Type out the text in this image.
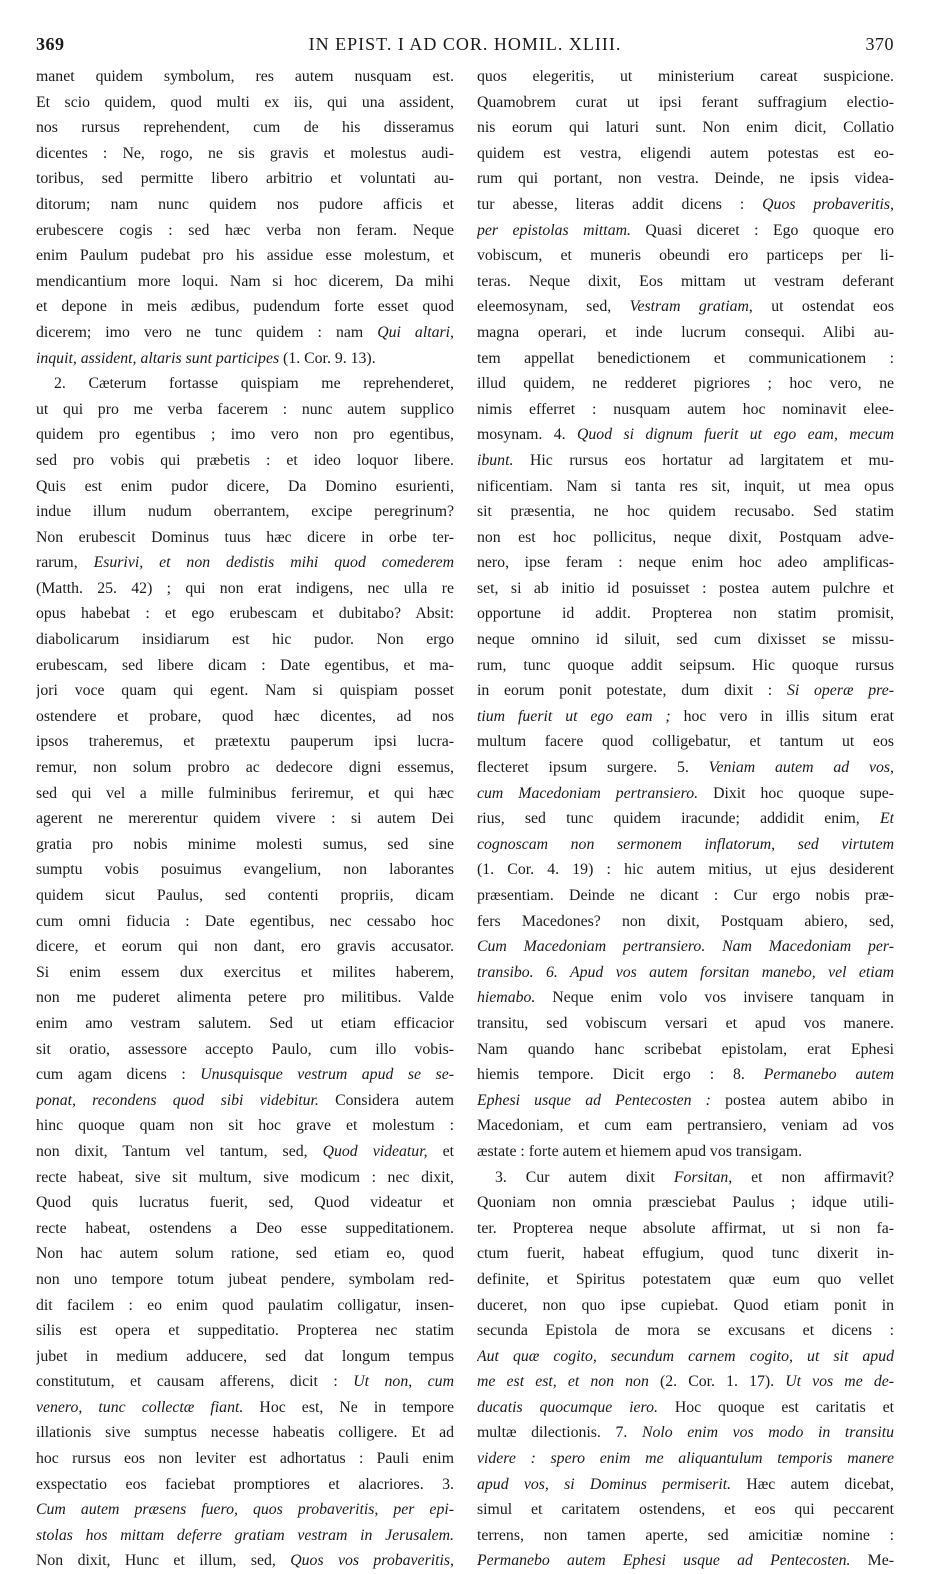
369	IN EPIST. I AD COR. HOMIL. XLIII.	370
manet quidem symbolum, res autem nusquam est.
Et scio quidem, quod multi ex iis, qui una assident,
nos rursus reprehendent, cum de his disseramus
dicentes : Ne, rogo, ne sis gravis et molestus audi-
toribus, sed permitte libero arbitrio et voluntati au-
ditorum; nam nunc quidem nos pudore afficis et
erubescere cogis : sed hæc verba non feram. Neque
enim Paulum pudebat pro his assidue esse molestum, et
mendicantium more loqui. Nam si hoc dicerem, Da mihi
et depone in meis ædibus, pudendum forte esset quod
dicerem; imo vero ne tunc quidem : nam Qui altari,
inquit, assident, altaris sunt participes (1. Cor. 9. 13).
2. Cæterum fortasse quispiam me reprehenderet,
ut qui pro me verba facerem : nunc autem supplico
quidem pro egentibus ; imo vero non pro egentibus,
sed pro vobis qui præbetis : et ideo loquor libere.
Quis est enim pudor dicere, Da Domino esurienti,
indue illum nudum oberrantem, excipe peregrinum?
Non erubescit Dominus tuus hæc dicere in orbe ter-
rarum, Esurivi, et non dedistis mihi quod comederem
(Matth. 25. 42) ; qui non erat indigens, nec ulla re
opus habebat : et ego erubescam et dubitabo? Absit:
diabolicarum insidiarum est hic pudor. Non ergo
erubescam, sed libere dicam : Date egentibus, et ma-
jori voce quam qui egent. Nam si quispiam posset
ostendere et probare, quod hæc dicentes, ad nos
ipsos traheremus, et prætextu pauperum ipsi lucra-
remur, non solum probro ac dedecore digni essemus,
sed qui vel a mille fulminibus feriremur, et qui hæc
agerent ne mererentur quidem vivere : si autem Dei
gratia pro nobis minime molesti sumus, sed sine
sumptu vobis posuimus evangelium, non laborantes
quidem sicut Paulus, sed contenti propriis, dicam
cum omni fiducia : Date egentibus, nec cessabo hoc
dicere, et eorum qui non dant, ero gravis accusator.
Si enim essem dux exercitus et milites haberem,
non me puderet alimenta petere pro militibus. Valde
enim amo vestram salutem. Sed ut etiam efficacior
sit oratio, assessore accepto Paulo, cum illo vobis-
cum agam dicens : Unusquisque vestrum apud se se-
ponat, recondens quod sibi videbitur. Considera autem
hinc quoque quam non sit hoc grave et molestum :
non dixit, Tantum vel tantum, sed, Quod videatur, et
recte habeat, sive sit multum, sive modicum : nec dixit,
Quod quis lucratus fuerit, sed, Quod videatur et
recte habeat, ostendens a Deo esse suppeditationem.
Non hac autem solum ratione, sed etiam eo, quod
non uno tempore totum jubeat pendere, symbolam red-
dit facilem : eo enim quod paulatim colligatur, insen-
silis est opera et suppeditatio. Propterea nec statim
jubet in medium adducere, sed dat longum tempus
constitutum, et causam afferens, dicit : Ut non, cum
venero, tunc collectæ fiant. Hoc est, Ne in tempore
illationis sive sumptus necesse habeatis colligere. Et ad
hoc rursus eos non leviter est adhortatus : Pauli enim
exspectatio eos faciebat promptiores et alacriores. 3.
Cum autem præsens fuero, quos probaveritis, per epi-
stolas hos mittam deferre gratiam vestram in Jerusalem.
Non dixit, Hunc et illum, sed, Quos vos probaveritis,
quos elegeritis, ut ministerium careat suspicione.
Quamobrem curat ut ipsi ferant suffragium electio-
nis eorum qui laturi sunt. Non enim dicit, Collatio
quidem est vestra, eligendi autem potestas est eo-
rum qui portant, non vestra. Deinde, ne ipsis videa-
tur abesse, literas addit dicens : Quos probaveritis,
per epistolas mittam. Quasi diceret : Ego quoque ero
vobiscum, et muneris obeundi ero particeps per li-
teras. Neque dixit, Eos mittam ut vestram deferant
eleemosynam, sed, Vestram gratiam, ut ostendat eos
magna operari, et inde lucrum consequi. Alibi au-
tem appellat benedictionem et communicationem :
illud quidem, ne redderet pigriores ; hoc vero, ne
nimis efferret : nusquam autem hoc nominavit elee-
mosynam. 4. Quod si dignum fuerit ut ego eam, mecum
ibunt. Hic rursus eos hortatur ad largitatem et mu-
nificentiam. Nam si tanta res sit, inquit, ut mea opus
sit præsentia, ne hoc quidem recusabo. Sed statim
non est hoc pollicitus, neque dixit, Postquam adve-
nero, ipse feram : neque enim hoc adeo amplificas-
set, si ab initio id posuisset : postea autem pulchre et
opportune id addit. Propterea non statim promisit,
neque omnino id siluit, sed cum dixisset se missu-
rum, tunc quoque addit seipsum. Hic quoque rursus
in eorum ponit potestate, dum dixit : Si operæ pre-
tium fuerit ut ego eam ; hoc vero in illis situm erat
multum facere quod colligebatur, et tantum ut eos
flecteret ipsum surgere. 5. Veniam autem ad vos,
cum Macedoniam pertransiero. Dixit hoc quoque supe-
rius, sed tunc quidem iracunde; addidit enim, Et
cognoscam non sermonem inflatorum, sed virtutem
(1. Cor. 4. 19) : hic autem mitius, ut ejus desiderent
præsentiam. Deinde ne dicant : Cur ergo nobis præ-
fers Macedones? non dixit, Postquam abiero, sed,
Cum Macedoniam pertransiero. Nam Macedoniam per-
transibo. 6. Apud vos autem forsitan manebo, vel etiam
hiemabo. Neque enim volo vos invisere tanquam in
transitu, sed vobiscum versari et apud vos manere.
Nam quando hanc scribebat epistolam, erat Ephesi
hiemis tempore. Dicit ergo : 8. Permanebo autem
Ephesi usque ad Pentecosten : postea autem abibo in
Macedoniam, et cum eam pertransiero, veniam ad vos
æstate : forte autem et hiemem apud vos transigam.
3. Cur autem dixit Forsitan, et non affirmavit?
Quoniam non omnia præsciebat Paulus ; idque utili-
ter. Propterea neque absolute affirmat, ut si non fa-
ctum fuerit, habeat effugium, quod tunc dixerit in-
definite, et Spiritus potestatem quæ eum quo vellet
duceret, non quo ipse cupiebat. Quod etiam ponit in
secunda Epistola de mora se excusans et dicens :
Aut quæ cogito, secundum carnem cogito, ut sit apud
me est est, et non non (2. Cor. 1. 17). Ut vos me de-
ducatis quocumque iero. Hoc quoque est caritatis et
multæ dilectionis. 7. Nolo enim vos modo in transitu
videre : spero enim me aliquantulum temporis manere
apud vos, si Dominus permiserit. Hæc autem dicebat,
simul et caritatem ostendens, et eos qui peccarent
terrens, non tamen aperte, sed amicitiæ nomine :
Permanebo autem Ephesi usque ad Pentecosten. Me-
